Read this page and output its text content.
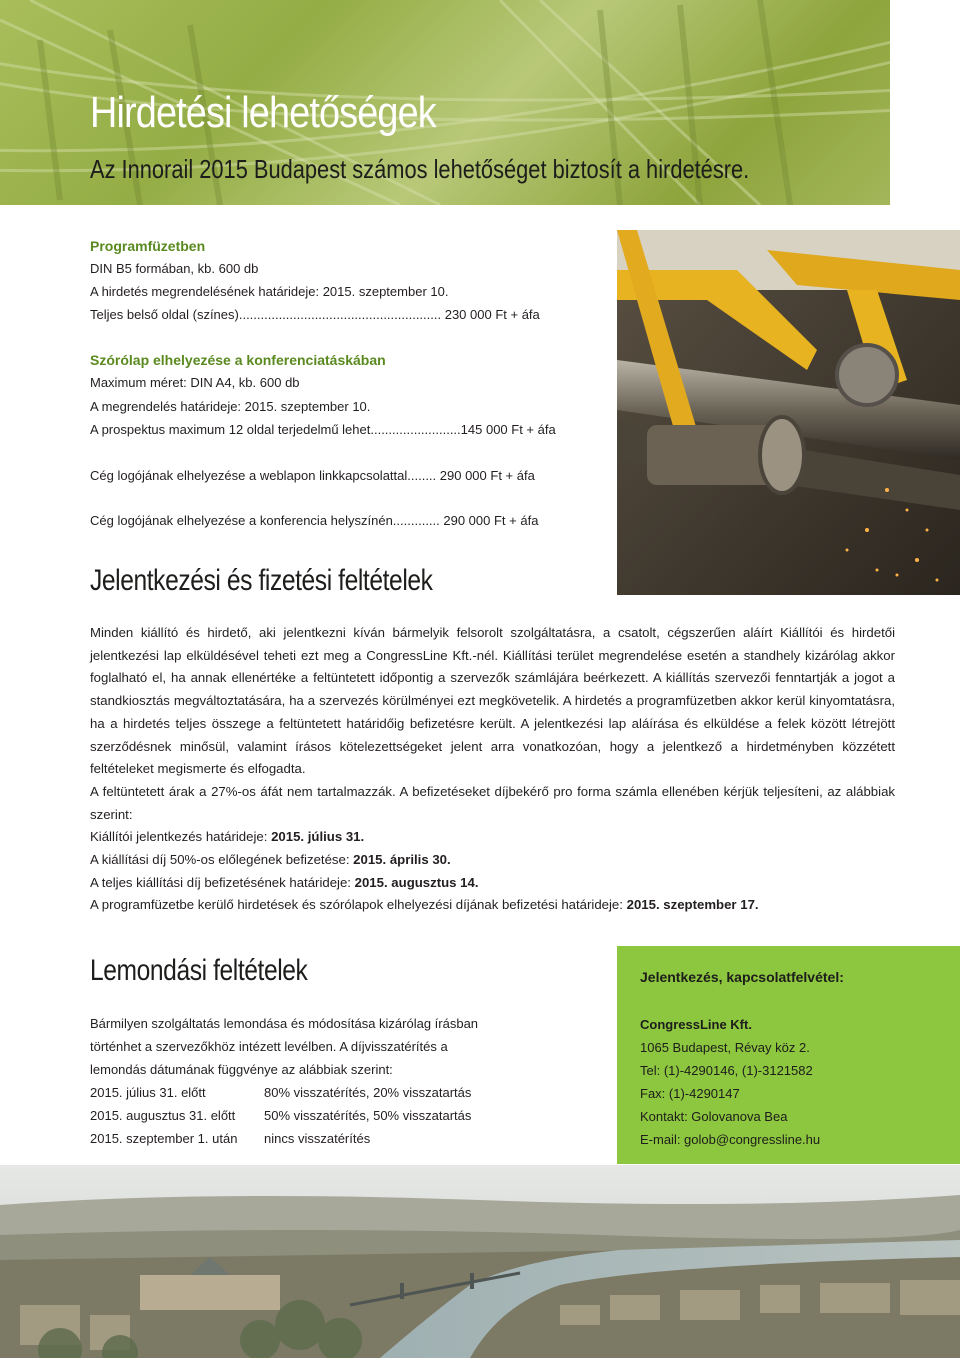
Hirdetési lehetőségek
Az Innorail 2015 Budapest számos lehetőséget biztosít a hirdetésre.
Programfüzetben
DIN B5 formában, kb. 600 db
A hirdetés megrendelésének határideje: 2015. szeptember 10.
Teljes belső oldal (színes)........................................................ 230 000 Ft + áfa
Szórólap elhelyezése a konferenciatáskában
Maximum méret: DIN A4, kb. 600 db
A megrendelés határideje: 2015. szeptember 10.
A prospektus maximum 12 oldal terjedelmű lehet.........................145 000 Ft + áfa
Cég logójának elhelyezése a weblapon linkkapcsolattal........ 290 000 Ft + áfa
Cég logójának elhelyezése a konferencia helyszínén............. 290 000 Ft + áfa
Jelentkezési és fizetési feltételek

Minden kiállító és hirdető, aki jelentkezni kíván bármelyik felsorolt szolgáltatásra, a csatolt, cégszerűen aláírt Kiállítói és hirdetői jelentkezési lap elküldésével teheti ezt meg a CongressLine Kft.-nél. Kiállítási terület megrendelése esetén a standhely kizárólag akkor foglalható el, ha annak ellenértéke a feltüntetett időpontig a szervezők számlájára beérkezett. A kiállítás szervezői fenntartják a jogot a standkiosztás megváltoztatására, ha a szervezés körülményei ezt megkövetelik. A hirdetés a programfüzetben akkor kerül kinyomtatásra, ha a hirdetés teljes összege a feltüntetett határidőig befizetésre került. A jelentkezési lap aláírása és elküldése a felek között létrejött szerződésnek minősül, valamint írásos kötelezettségeket jelent arra vonatkozóan, hogy a jelentkező a hirdetményben közzétett feltételeket megismerte és elfogadta.

A feltüntetett árak a 27%-os áfát nem tartalmazzák. A befizetéseket díjbekérő pro forma számla ellenében kérjük teljesíteni, az alábbiak szerint:

Kiállítói jelentkezés határideje: 2015. július 31.

A kiállítási díj 50%-os előlegének befizetése: 2015. április 30.

A teljes kiállítási díj befizetésének határideje: 2015. augusztus 14.

A programfüzetbe kerülő hirdetések és szórólapok elhelyezési díjának befizetési határideje: 2015. szeptember 17.

Lemondási feltételek
Bármilyen szolgáltatás lemondása és módosítása kizárólag írásban
történhet a szervezőkhöz intézett levélben. A díjvisszatérítés a
lemondás dátumának függvénye az alábbiak szerint:
2015. július 31. előtt	80% visszatérítés, 20% visszatartás
2015. augusztus 31. előtt 50% visszatérítés, 50% visszatartás
2015. szeptember 1. után nincs visszatérítés
Jelentkezés, kapcsolatfelvétel:
CongressLine Kft.
1065 Budapest, Révay köz 2.
Tel: (1)-4290146, (1)-3121582
Fax: (1)-4290147
Kontakt: Golovanova Bea
E-mail: golob@congressline.hu
